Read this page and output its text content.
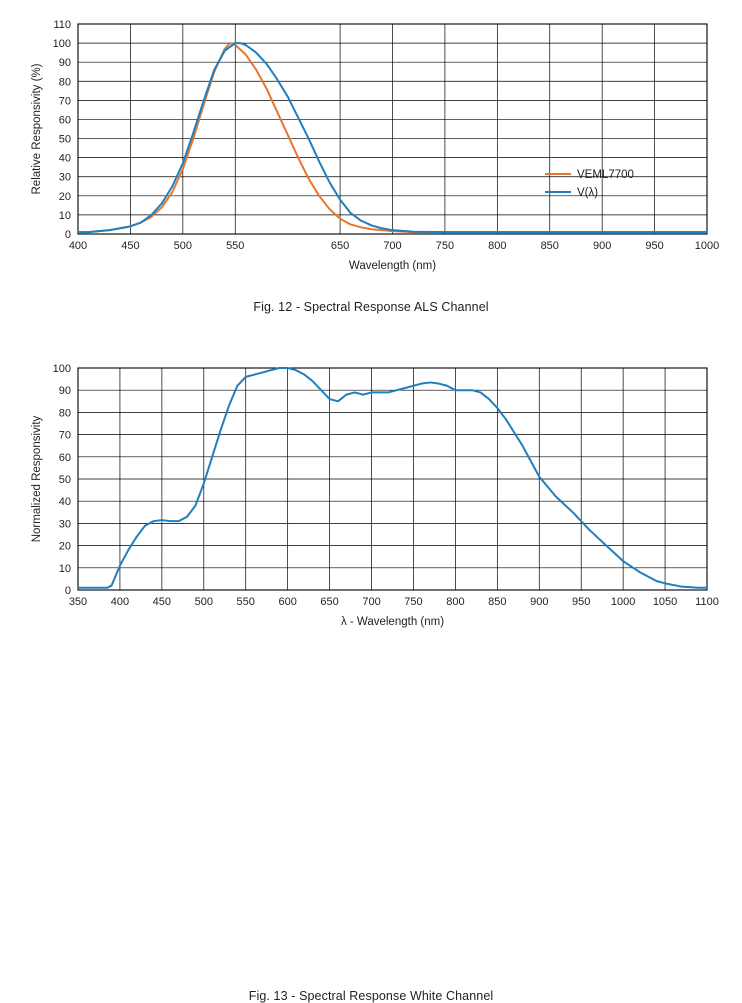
400	450	500	550	650	700	750	800	850	900	950	1000
0
10
20
30
40
50
60
70
80
90
100
110
Wavelength (nm)
Relative Responsivity (%)	VEML7700
V(λ)
Fig. 12 - Spectral Response ALS Channel
350 400 450 500 550 600 650 700 750 800 850 900 950 1000 1050 1100
0
10
20
30
40
50
60
70
80
90
100
λ - Wavelength (nm)
Normalized Responsivity
Fig. 13 - Spectral Response White Channel
